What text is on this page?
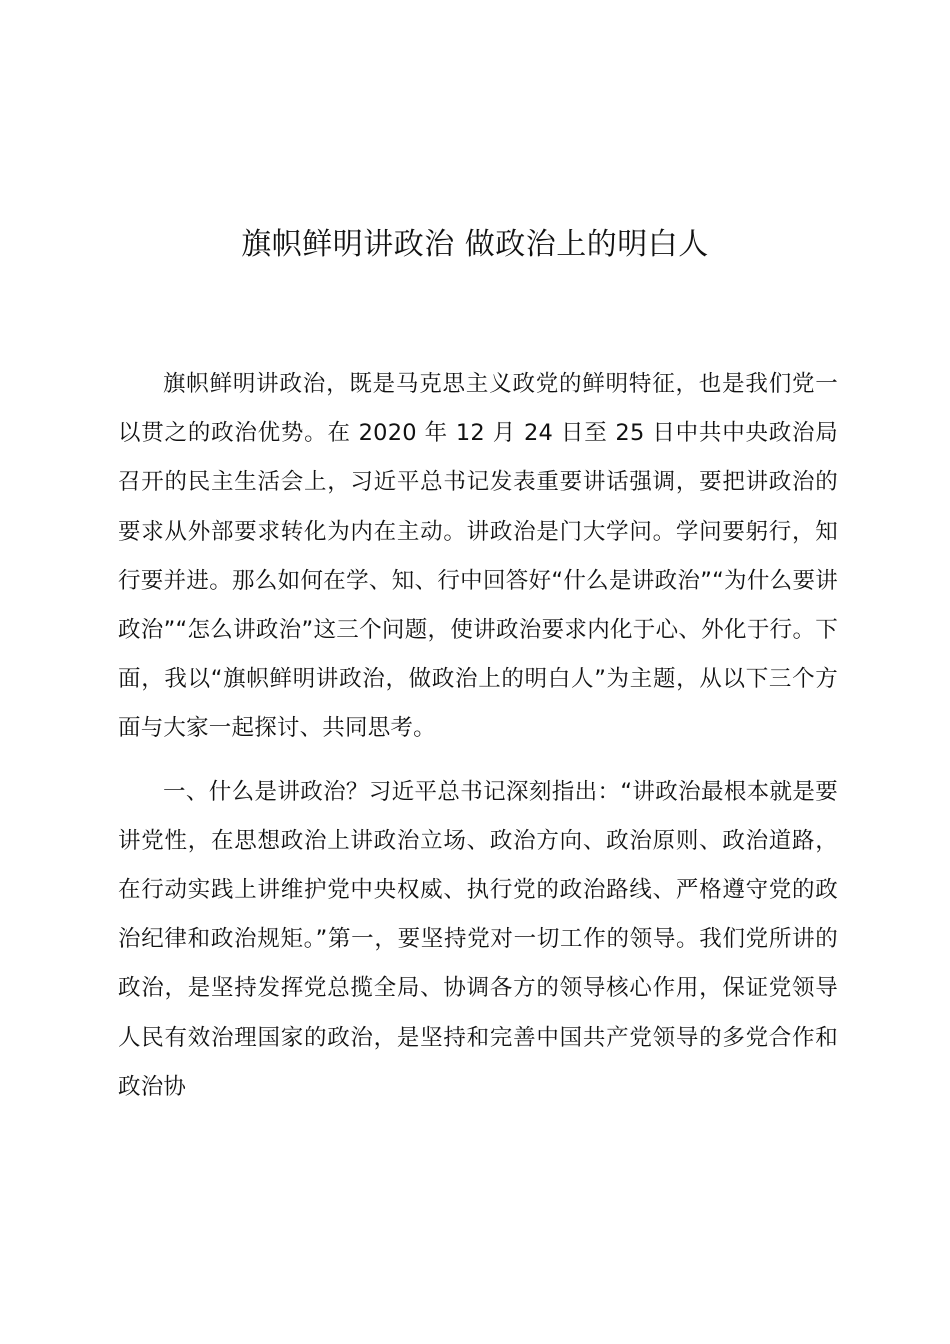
旗帜鲜明讲政治 做政治上的明白人

旗帜鲜明讲政治，既是马克思主义政党的鲜明特征，也是我们党一以贯之的政治优势。在 2020 年 12 月 24 日至 25 日中共中央政治局召开的民主生活会上，习近平总书记发表重要讲话强调，要把讲政治的要求从外部要求转化为内在主动。讲政治是门大学问。学问要躬行，知行要并进。那么如何在学、知、行中回答好“什么是讲政治”“为什么要讲政治”“怎么讲政治”这三个问题，使讲政治要求内化于心、外化于行。下面，我以“旗帜鲜明讲政治，做政治上的明白人”为主题，从以下三个方面与大家一起探讨、共同思考。

一、什么是讲政治？习近平总书记深刻指出：“讲政治最根本就是要讲党性，在思想政治上讲政治立场、政治方向、政治原则、政治道路，在行动实践上讲维护党中央权威、执行党的政治路线、严格遵守党的政治纪律和政治规矩。”第一，要坚持党对一切工作的领导。我们党所讲的政治，是坚持发挥党总揽全局、协调各方的领导核心作用，保证党领导人民有效治理国家的政治，是坚持和完善中国共产党领导的多党合作和政治协
